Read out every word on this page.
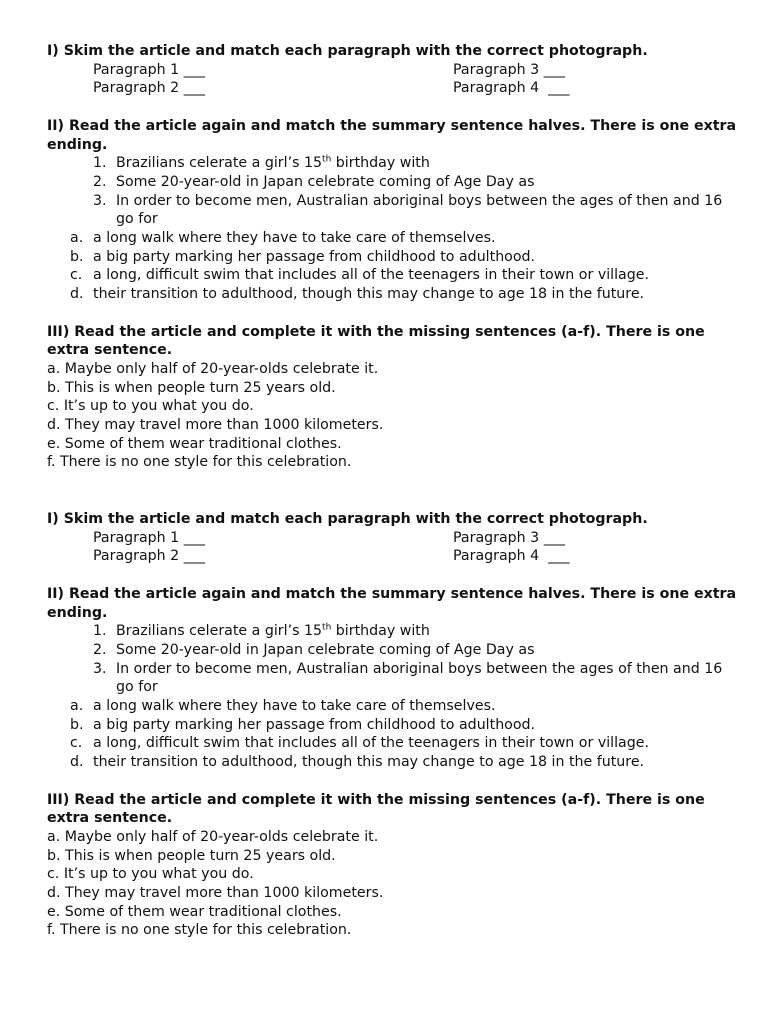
I) Skim the article and match each paragraph with the correct photograph.

Paragraph 1 ___	Paragraph 3 ___
Paragraph 2 ___	Paragraph 4  ___

II) Read the article again and match the summary sentence halves. There is one extra ending.

1. Brazilians celerate a girl’s 15th birthday with
2. Some 20-year-old in Japan celebrate coming of Age Day as
3. In order to become men, Australian aboriginal boys between the ages of then and 16 go for
a. a long walk where they have to take care of themselves.
b. a big party marking her passage from childhood to adulthood.
c. a long, difficult swim that includes all of the teenagers in their town or village.
d. their transition to adulthood, though this may change to age 18 in the future.

III) Read the article and complete it with the missing sentences (a-f). There is one extra sentence.

a. Maybe only half of 20-year-olds celebrate it.
b. This is when people turn 25 years old.
c. It’s up to you what you do.
d. They may travel more than 1000 kilometers.
e. Some of them wear traditional clothes.
f. There is no one style for this celebration.

I) Skim the article and match each paragraph with the correct photograph.

Paragraph 1 ___	Paragraph 3 ___
Paragraph 2 ___	Paragraph 4  ___

II) Read the article again and match the summary sentence halves. There is one extra ending.

1. Brazilians celerate a girl’s 15th birthday with
2. Some 20-year-old in Japan celebrate coming of Age Day as
3. In order to become men, Australian aboriginal boys between the ages of then and 16 go for
a. a long walk where they have to take care of themselves.
b. a big party marking her passage from childhood to adulthood.
c. a long, difficult swim that includes all of the teenagers in their town or village.
d. their transition to adulthood, though this may change to age 18 in the future.

III) Read the article and complete it with the missing sentences (a-f). There is one extra sentence.

a. Maybe only half of 20-year-olds celebrate it.
b. This is when people turn 25 years old.
c. It’s up to you what you do.
d. They may travel more than 1000 kilometers.
e. Some of them wear traditional clothes.
f. There is no one style for this celebration.
